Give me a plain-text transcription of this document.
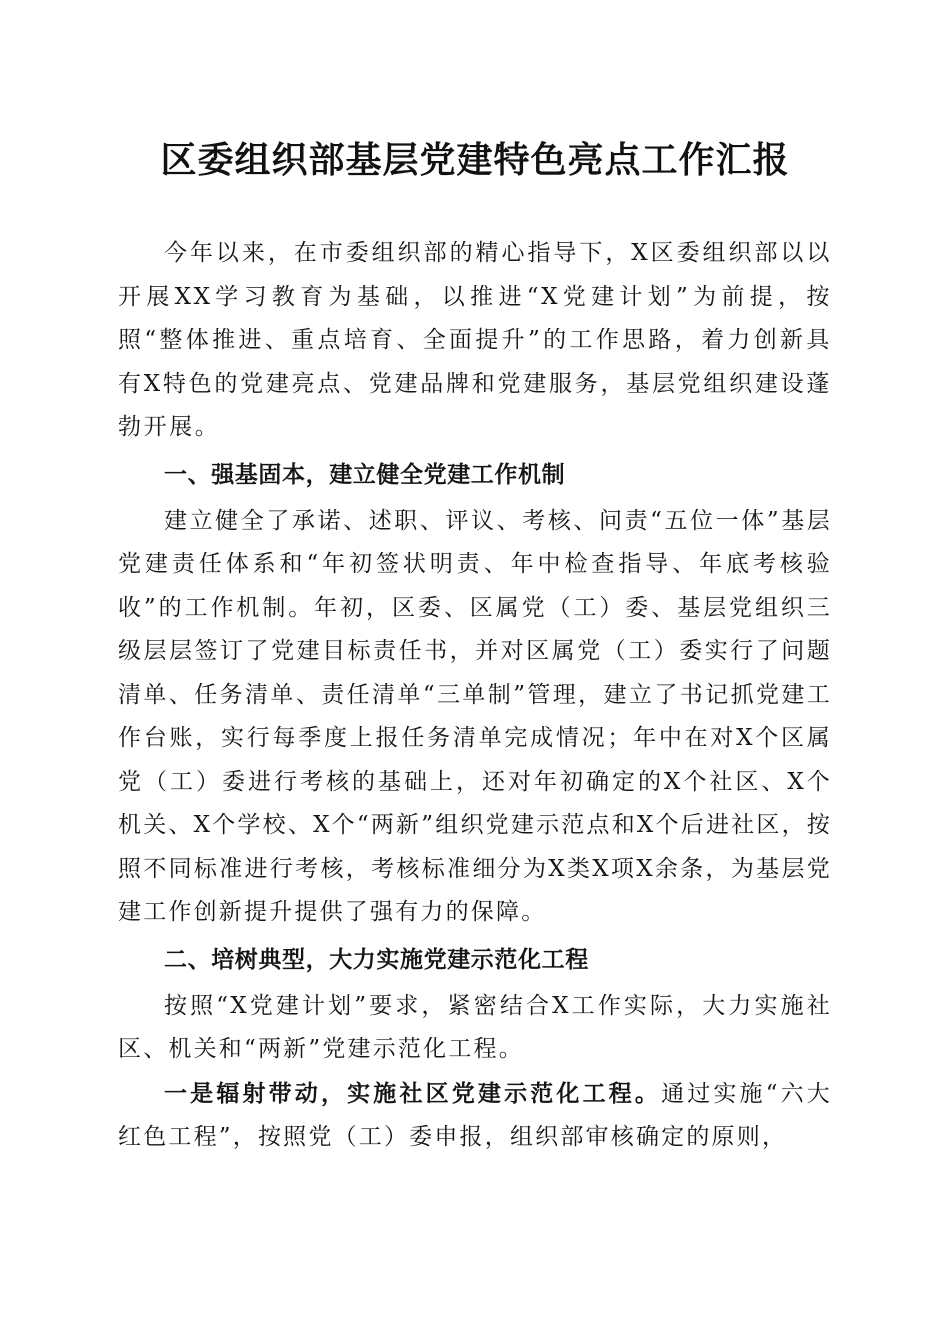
区委组织部基层党建特色亮点工作汇报

今年以来，在市委组织部的精心指导下，X区委组织部以以开展XX学习教育为基础，以推进“X党建计划”为前提，按照“整体推进、重点培育、全面提升”的工作思路，着力创新具有X特色的党建亮点、党建品牌和党建服务，基层党组织建设蓬勃开展。

一、强基固本，建立健全党建工作机制

建立健全了承诺、述职、评议、考核、问责“五位一体”基层党建责任体系和“年初签状明责、年中检查指导、年底考核验收”的工作机制。年初，区委、区属党（工）委、基层党组织三级层层签订了党建目标责任书，并对区属党（工）委实行了问题清单、任务清单、责任清单“三单制”管理，建立了书记抓党建工作台账，实行每季度上报任务清单完成情况；年中在对X个区属党（工）委进行考核的基础上，还对年初确定的X个社区、X个机关、X个学校、X个“两新”组织党建示范点和X个后进社区，按照不同标准进行考核，考核标准细分为X类X项X余条，为基层党建工作创新提升提供了强有力的保障。

二、培树典型，大力实施党建示范化工程

按照“X党建计划”要求，紧密结合X工作实际，大力实施社区、机关和“两新”党建示范化工程。

一是辐射带动，实施社区党建示范化工程。通过实施“六大红色工程”，按照党（工）委申报，组织部审核确定的原则，
